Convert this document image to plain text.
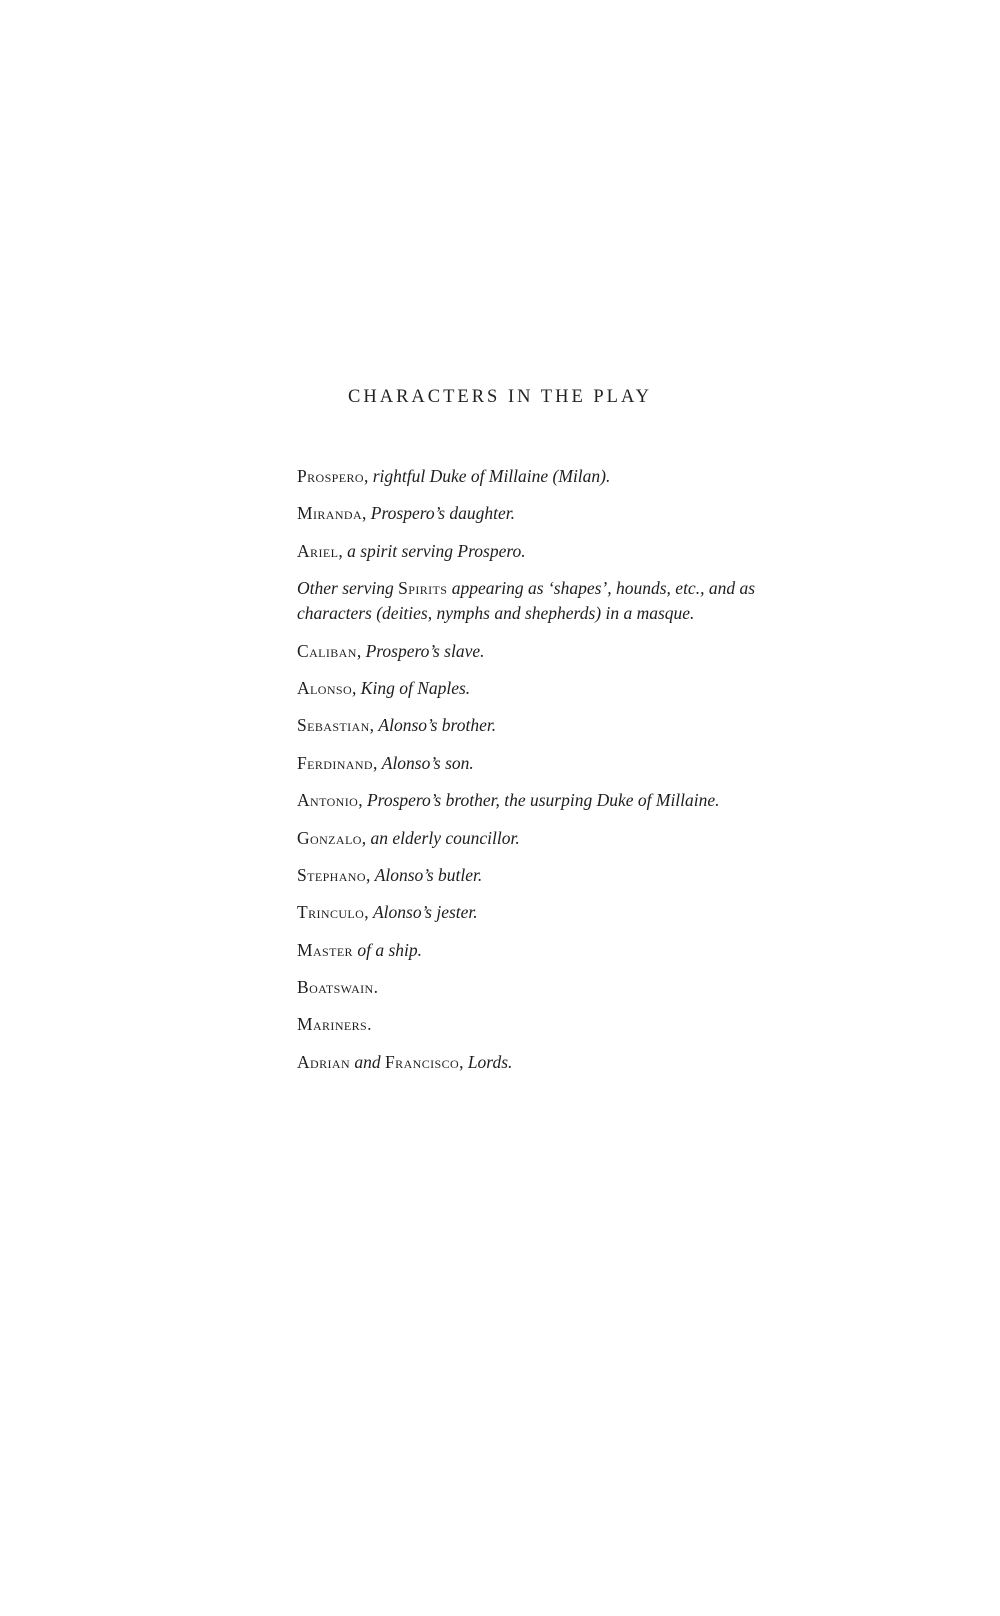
CHARACTERS IN THE PLAY
Prospero, rightful Duke of Millaine (Milan).
Miranda, Prospero’s daughter.
Ariel, a spirit serving Prospero.
Other serving Spirits appearing as ‘shapes’, hounds, etc., and as characters (deities, nymphs and shepherds) in a masque.
Caliban, Prospero’s slave.
Alonso, King of Naples.
Sebastian, Alonso’s brother.
Ferdinand, Alonso’s son.
Antonio, Prospero’s brother, the usurping Duke of Millaine.
Gonzalo, an elderly councillor.
Stephano, Alonso’s butler.
Trinculo, Alonso’s jester.
Master of a ship.
Boatswain.
Mariners.
Adrian and Francisco, Lords.
